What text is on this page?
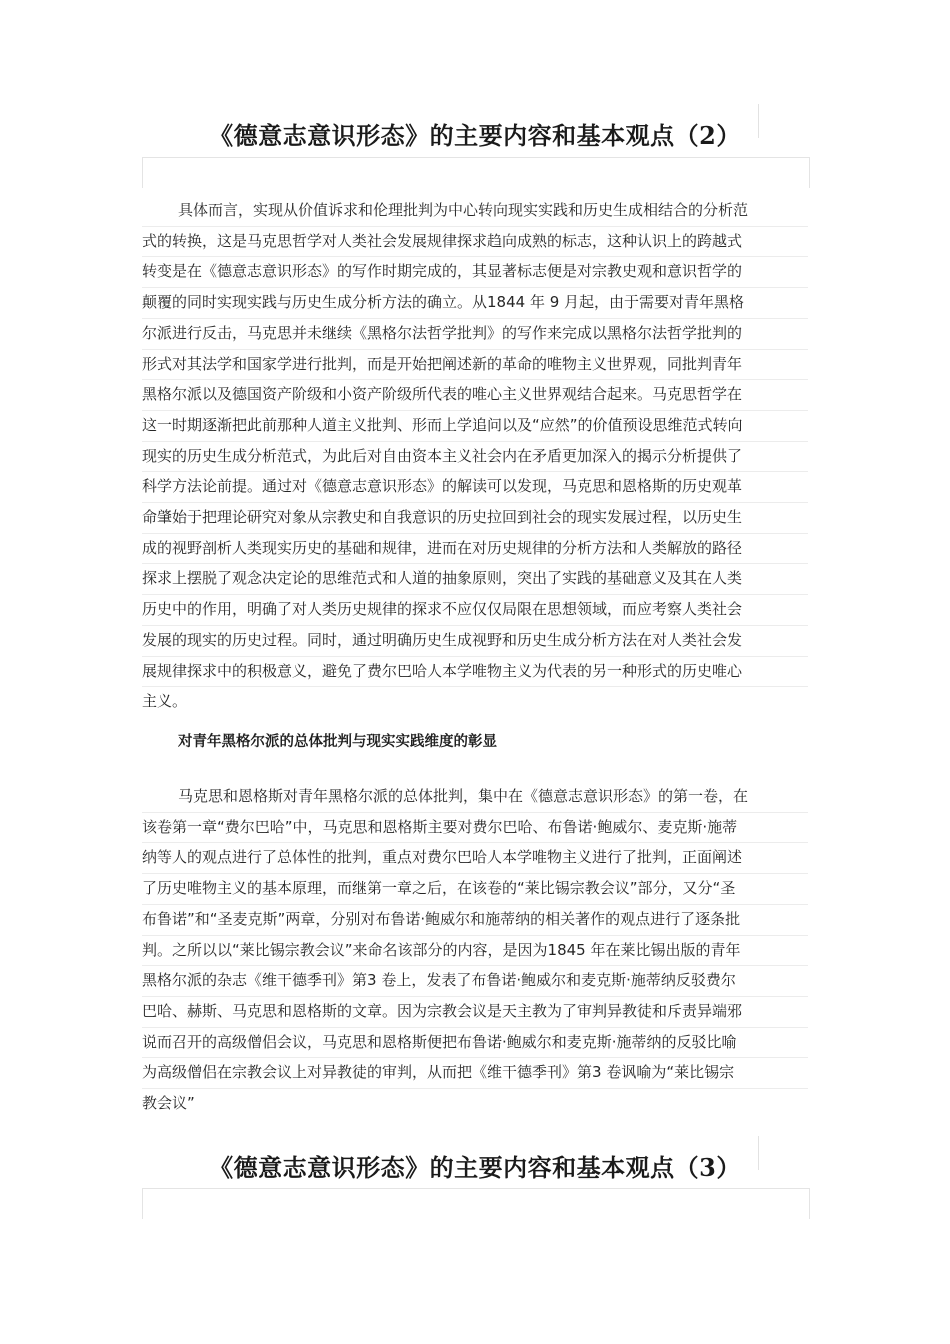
《德意志意识形态》的主要内容和基本观点（2）
具体而言，实现从价值诉求和伦理批判为中心转向现实实践和历史生成相结合的分析范
式的转换，这是马克思哲学对人类社会发展规律探求趋向成熟的标志，这种认识上的跨越式
转变是在《德意志意识形态》的写作时期完成的，其显著标志便是对宗教史观和意识哲学的
颠覆的同时实现实践与历史生成分析方法的确立。从1844 年 9 月起，由于需要对青年黑格
尔派进行反击，马克思并未继续《黑格尔法哲学批判》的写作来完成以黑格尔法哲学批判的
形式对其法学和国家学进行批判，而是开始把阐述新的革命的唯物主义世界观，同批判青年
黑格尔派以及德国资产阶级和小资产阶级所代表的唯心主义世界观结合起来。马克思哲学在
这一时期逐渐把此前那种人道主义批判、形而上学追问以及“应然”的价值预设思维范式转向
现实的历史生成分析范式，为此后对自由资本主义社会内在矛盾更加深入的揭示分析提供了
科学方法论前提。通过对《德意志意识形态》的解读可以发现，马克思和恩格斯的历史观革
命肇始于把理论研究对象从宗教史和自我意识的历史拉回到社会的现实发展过程，以历史生
成的视野剖析人类现实历史的基础和规律，进而在对历史规律的分析方法和人类解放的路径
探求上摆脱了观念决定论的思维范式和人道的抽象原则，突出了实践的基础意义及其在人类
历史中的作用，明确了对人类历史规律的探求不应仅仅局限在思想领域，而应考察人类社会
发展的现实的历史过程。同时，通过明确历史生成视野和历史生成分析方法在对人类社会发
展规律探求中的积极意义，避免了费尔巴哈人本学唯物主义为代表的另一种形式的历史唯心
主义。
对青年黑格尔派的总体批判与现实实践维度的彰显
马克思和恩格斯对青年黑格尔派的总体批判，集中在《德意志意识形态》的第一卷，在
该卷第一章“费尔巴哈”中，马克思和恩格斯主要对费尔巴哈、布鲁诺·鲍威尔、麦克斯·施蒂
纳等人的观点进行了总体性的批判，重点对费尔巴哈人本学唯物主义进行了批判，正面阐述
了历史唯物主义的基本原理，而继第一章之后，在该卷的“莱比锡宗教会议”部分，又分“圣
布鲁诺”和“圣麦克斯”两章，分别对布鲁诺·鲍威尔和施蒂纳的相关著作的观点进行了逐条批
判。之所以以“莱比锡宗教会议”来命名该部分的内容，是因为1845 年在莱比锡出版的青年
黑格尔派的杂志《维干德季刊》第3 卷上，发表了布鲁诺·鲍威尔和麦克斯·施蒂纳反驳费尔
巴哈、赫斯、马克思和恩格斯的文章。因为宗教会议是天主教为了审判异教徒和斥责异端邪
说而召开的高级僧侣会议，马克思和恩格斯便把布鲁诺·鲍威尔和麦克斯·施蒂纳的反驳比喻
为高级僧侣在宗教会议上对异教徒的审判，从而把《维干德季刊》第3 卷讽喻为“莱比锡宗
教会议”
《德意志意识形态》的主要内容和基本观点（3）
